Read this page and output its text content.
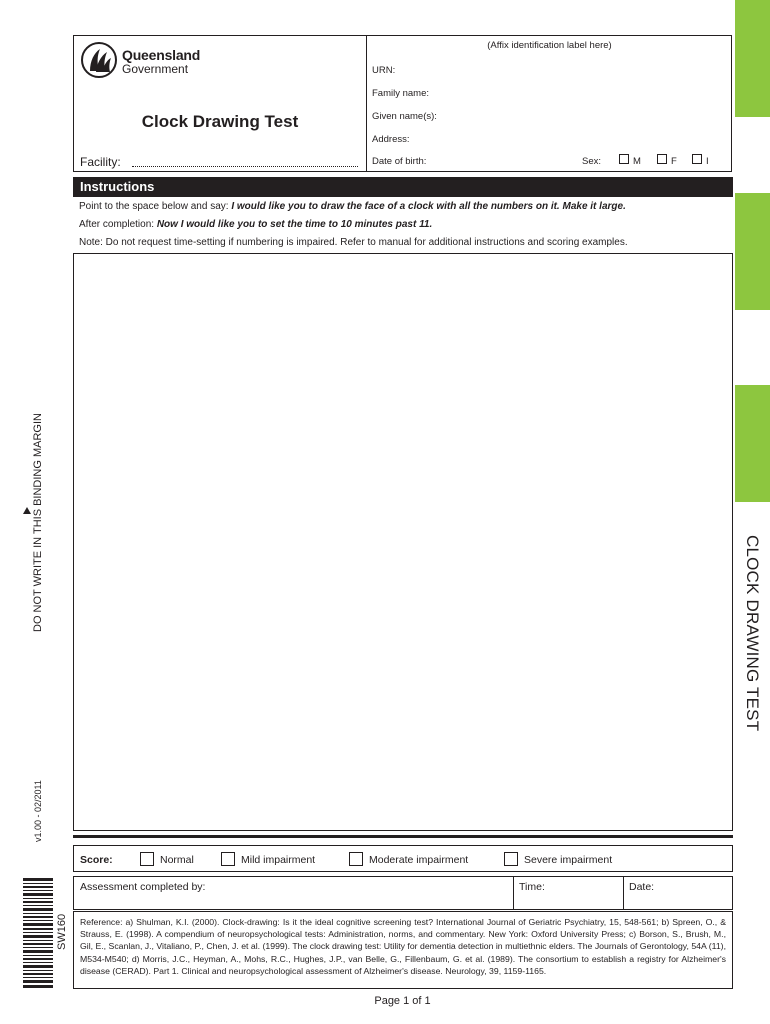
Queensland
Government
Clock Drawing Test
Facility:
(Affix identification label here)
URN:
Family name:
Given name(s):
Address:
Date of birth:	Sex:	M	F	I
Instructions
Point to the space below and say: I would like you to draw the face of a clock with all the numbers on it. Make it large.
After completion: Now I would like you to set the time to 10 minutes past 11.
Note: Do not request time-setting if numbering is impaired. Refer to manual for additional instructions and scoring examples.
Score:	Normal	Mild impairment	Moderate impairment	Severe impairment
Assessment completed by:	Time:	Date:
Reference: a) Shulman, K.I. (2000). Clock-drawing: Is it the ideal cognitive screening test? International Journal of Geriatric Psychiatry, 15, 548-561; b) Spreen, O., & Strauss, E. (1998). A compendium of neuropsychological tests: Administration, norms, and commentary. New York: Oxford University Press; c) Borson, S., Brush, M., Gil, E., Scanlan, J., Vitaliano, P., Chen, J. et al. (1999). The clock drawing test: Utility for dementia detection in multiethnic elders. The Journals of Gerontology, 54A (11), M534-M540; d) Morris, J.C., Heyman, A., Mohs, R.C., Hughes, J.P., van Belle, G., Fillenbaum, G. et al. (1989). The consortium to establish a registry for Alzheimer's disease (CERAD). Part 1. Clinical and neuropsychological assessment of Alzheimer's disease. Neurology, 39, 1159-1165.
Page 1 of 1
DO NOT WRITE IN THIS BINDING MARGIN
v1.00 - 02/2011
SW160
CLOCK DRAWING TEST
